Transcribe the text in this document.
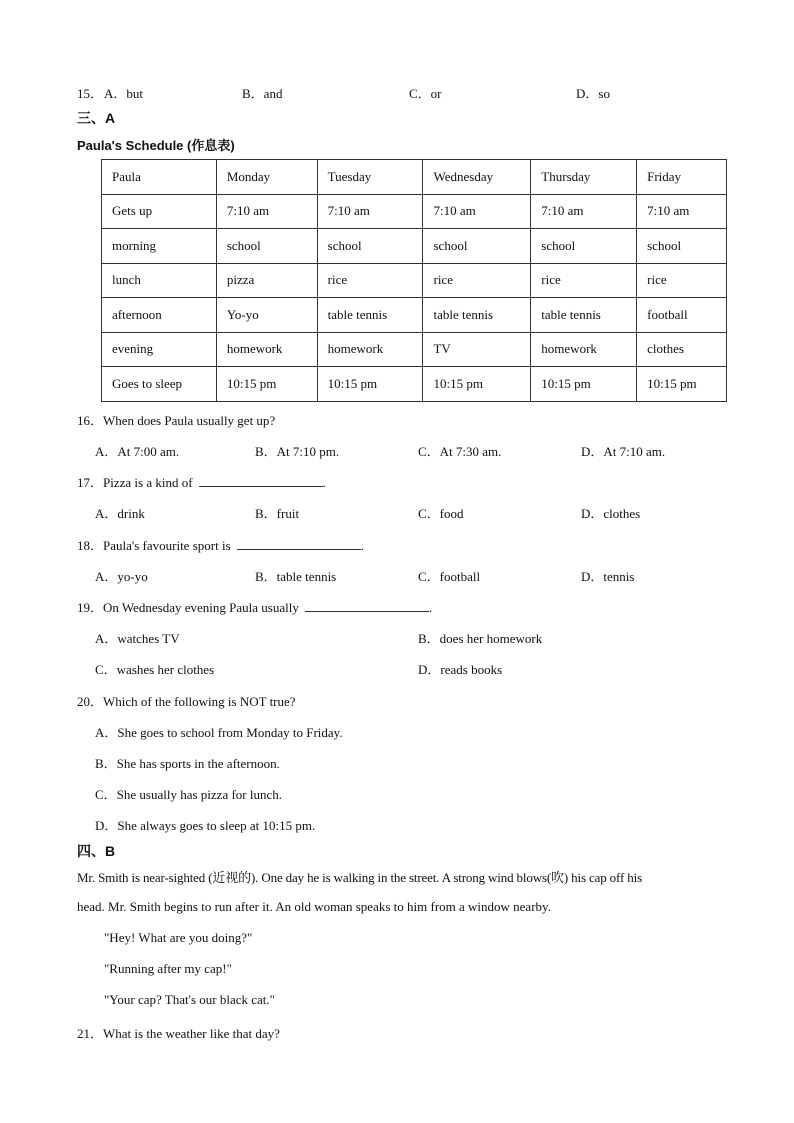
15． A．but	B．and	C．or	D．so
三、A
Paula's Schedule (作息表)
Paula	Monday	Tuesday	Wednesday	Thursday	Friday
Gets up	7:10 am	7:10 am	7:10 am	7:10 am	7:10 am
morning	school	school	school	school	school
lunch	pizza	rice	rice	rice	rice
afternoon	Yo-yo	table tennis	table tennis	table tennis	football
evening	homework	homework	TV	homework	clothes
Goes to sleep	10:15 pm	10:15 pm	10:15 pm	10:15 pm	10:15 pm
16．When does Paula usually get up?
A．At 7:00 am.	B．At 7:10 pm.	C．At 7:30 am.	D．At 7:10 am.
17．Pizza is a kind of	.
A．drink	B．fruit	C．food	D．clothes
18．Paula's favourite sport is	.
A．yo-yo	B．table tennis	C．football	D．tennis
19．On Wednesday evening Paula usually	.
A．watches TV	B．does her homework
C．washes her clothes	D．reads books
20．Which of the following is NOT true?
A．She goes to school from Monday to Friday.
B．She has sports in the afternoon.
C．She usually has pizza for lunch.
D．She always goes to sleep at 10:15 pm.
四、B
Mr. Smith is near-sighted (近视的). One day he is walking in the street. A strong wind blows(吹) his cap off his
head. Mr. Smith begins to run after it. An old woman speaks to him from a window nearby.
"Hey! What are you doing?"
"Running after my cap!"
"Your cap? That's our black cat."
21．What is the weather like that day?
